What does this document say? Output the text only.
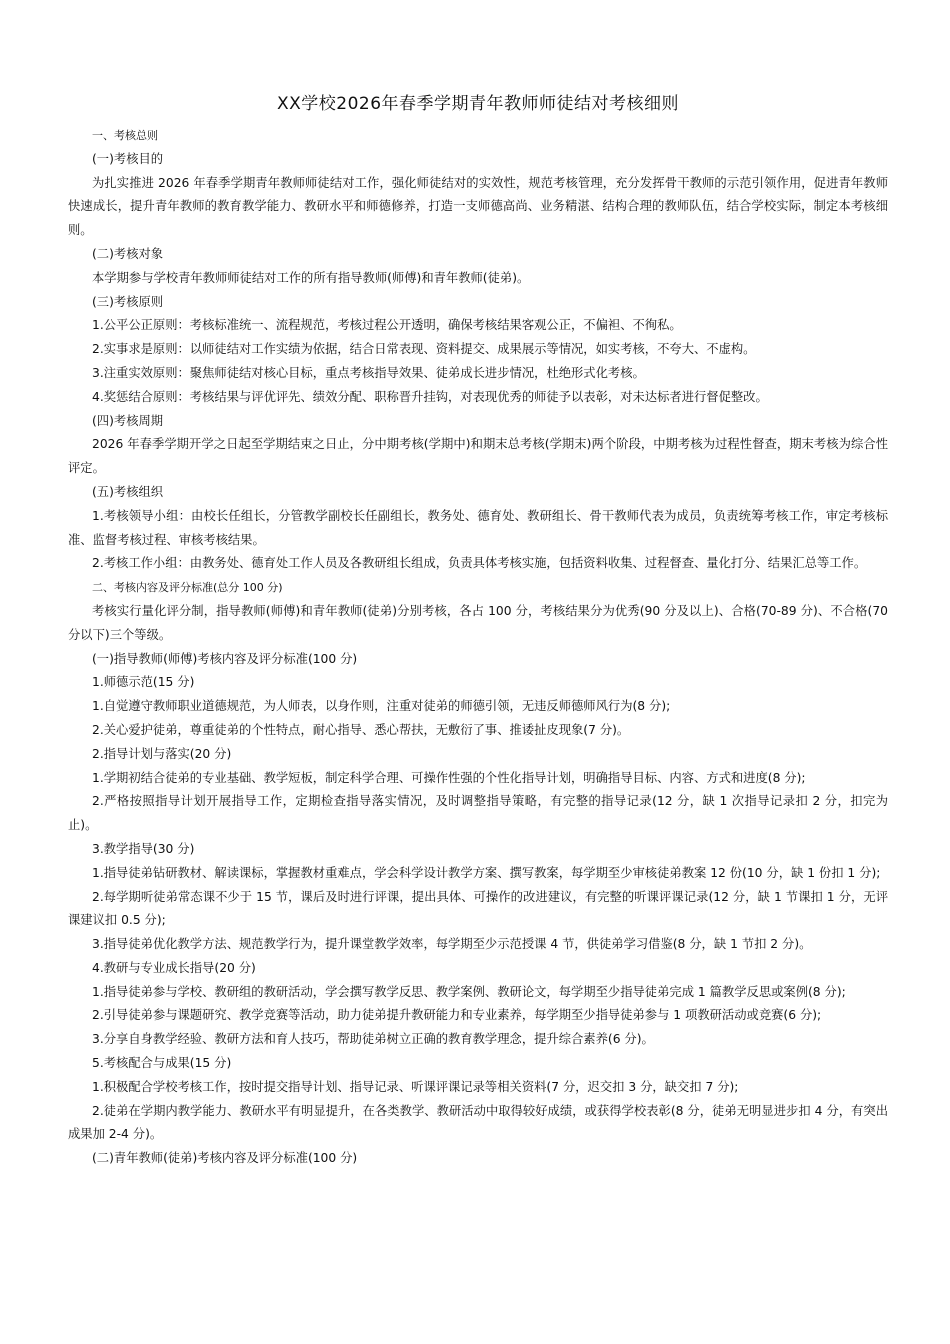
XX学校2026年春季学期青年教师师徒结对考核细则

一、考核总则

(一)考核目的

为扎实推进 2026 年春季学期青年教师师徒结对工作，强化师徒结对的实效性，规范考核管理，充分发挥骨干教师的示范引领作用，促进青年教师快速成长，提升青年教师的教育教学能力、教研水平和师德修养，打造一支师德高尚、业务精湛、结构合理的教师队伍，结合学校实际，制定本考核细则。

(二)考核对象

本学期参与学校青年教师师徒结对工作的所有指导教师(师傅)和青年教师(徒弟)。

(三)考核原则

1.公平公正原则：考核标准统一、流程规范，考核过程公开透明，确保考核结果客观公正，不偏袒、不徇私。

2.实事求是原则：以师徒结对工作实绩为依据，结合日常表现、资料提交、成果展示等情况，如实考核，不夸大、不虚构。

3.注重实效原则：聚焦师徒结对核心目标，重点考核指导效果、徒弟成长进步情况，杜绝形式化考核。

4.奖惩结合原则：考核结果与评优评先、绩效分配、职称晋升挂钩，对表现优秀的师徒予以表彰，对未达标者进行督促整改。

(四)考核周期

2026 年春季学期开学之日起至学期结束之日止，分中期考核(学期中)和期末总考核(学期末)两个阶段，中期考核为过程性督查，期末考核为综合性评定。

(五)考核组织

1.考核领导小组：由校长任组长，分管教学副校长任副组长，教务处、德育处、教研组长、骨干教师代表为成员，负责统筹考核工作，审定考核标准、监督考核过程、审核考核结果。

2.考核工作小组：由教务处、德育处工作人员及各教研组长组成，负责具体考核实施，包括资料收集、过程督查、量化打分、结果汇总等工作。

二、考核内容及评分标准(总分 100 分)

考核实行量化评分制，指导教师(师傅)和青年教师(徒弟)分别考核，各占 100 分，考核结果分为优秀(90 分及以上)、合格(70-89 分)、不合格(70 分以下)三个等级。

(一)指导教师(师傅)考核内容及评分标准(100 分)

1.师德示范(15 分)

1.自觉遵守教师职业道德规范，为人师表，以身作则，注重对徒弟的师德引领，无违反师德师风行为(8 分);

2.关心爱护徒弟，尊重徒弟的个性特点，耐心指导、悉心帮扶，无敷衍了事、推诿扯皮现象(7 分)。

2.指导计划与落实(20 分)

1.学期初结合徒弟的专业基础、教学短板，制定科学合理、可操作性强的个性化指导计划，明确指导目标、内容、方式和进度(8 分);

2.严格按照指导计划开展指导工作，定期检查指导落实情况，及时调整指导策略，有完整的指导记录(12 分，缺 1 次指导记录扣 2 分，扣完为止)。

3.教学指导(30 分)

1.指导徒弟钻研教材、解读课标，掌握教材重难点，学会科学设计教学方案、撰写教案，每学期至少审核徒弟教案 12 份(10 分，缺 1 份扣 1 分);

2.每学期听徒弟常态课不少于 15 节，课后及时进行评课，提出具体、可操作的改进建议，有完整的听课评课记录(12 分，缺 1 节课扣 1 分，无评课建议扣 0.5 分);

3.指导徒弟优化教学方法、规范教学行为，提升课堂教学效率，每学期至少示范授课 4 节，供徒弟学习借鉴(8 分，缺 1 节扣 2 分)。

4.教研与专业成长指导(20 分)

1.指导徒弟参与学校、教研组的教研活动，学会撰写教学反思、教学案例、教研论文，每学期至少指导徒弟完成 1 篇教学反思或案例(8 分);

2.引导徒弟参与课题研究、教学竞赛等活动，助力徒弟提升教研能力和专业素养，每学期至少指导徒弟参与 1 项教研活动或竞赛(6 分);

3.分享自身教学经验、教研方法和育人技巧，帮助徒弟树立正确的教育教学理念，提升综合素养(6 分)。

5.考核配合与成果(15 分)

1.积极配合学校考核工作，按时提交指导计划、指导记录、听课评课记录等相关资料(7 分，迟交扣 3 分，缺交扣 7 分);

2.徒弟在学期内教学能力、教研水平有明显提升，在各类教学、教研活动中取得较好成绩，或获得学校表彰(8 分，徒弟无明显进步扣 4 分，有突出成果加 2-4 分)。

(二)青年教师(徒弟)考核内容及评分标准(100 分)
